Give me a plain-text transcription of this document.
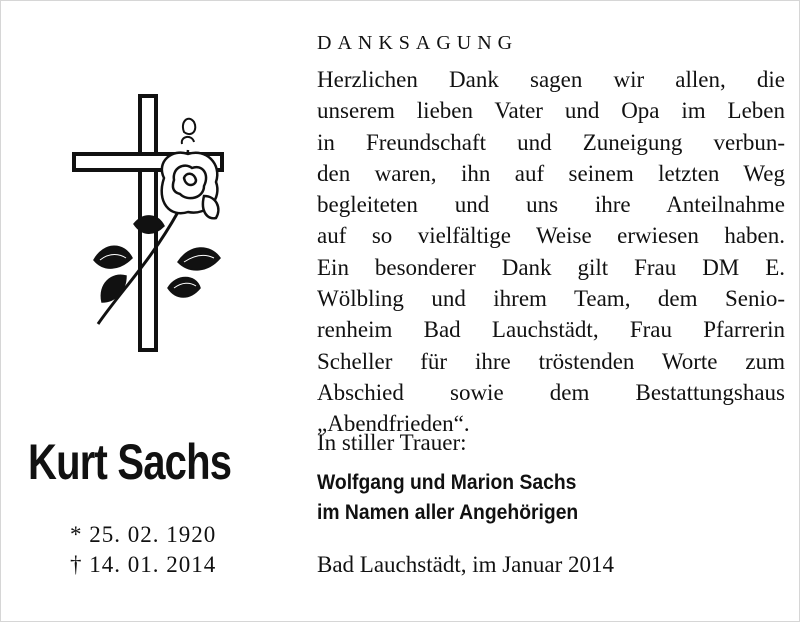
Kurt Sachs
* 25. 02. 1920
† 14. 01. 2014
DANKSAGUNG
Herzlichen Dank sagen wir allen, die
unserem lieben Vater und Opa im Leben
in Freundschaft und Zuneigung verbun-
den waren, ihn auf seinem letzten Weg
begleiteten und uns ihre Anteilnahme
auf so vielfältige Weise erwiesen haben.
Ein besonderer Dank gilt Frau DM E.
Wölbling und ihrem Team, dem Senio-
renheim Bad Lauchstädt, Frau Pfarrerin
Scheller für ihre tröstenden Worte zum
Abschied sowie dem Bestattungshaus
„Abendfrieden“.
In stiller Trauer:
Wolfgang und Marion Sachs
im Namen aller Angehörigen
Bad Lauchstädt, im Januar 2014
